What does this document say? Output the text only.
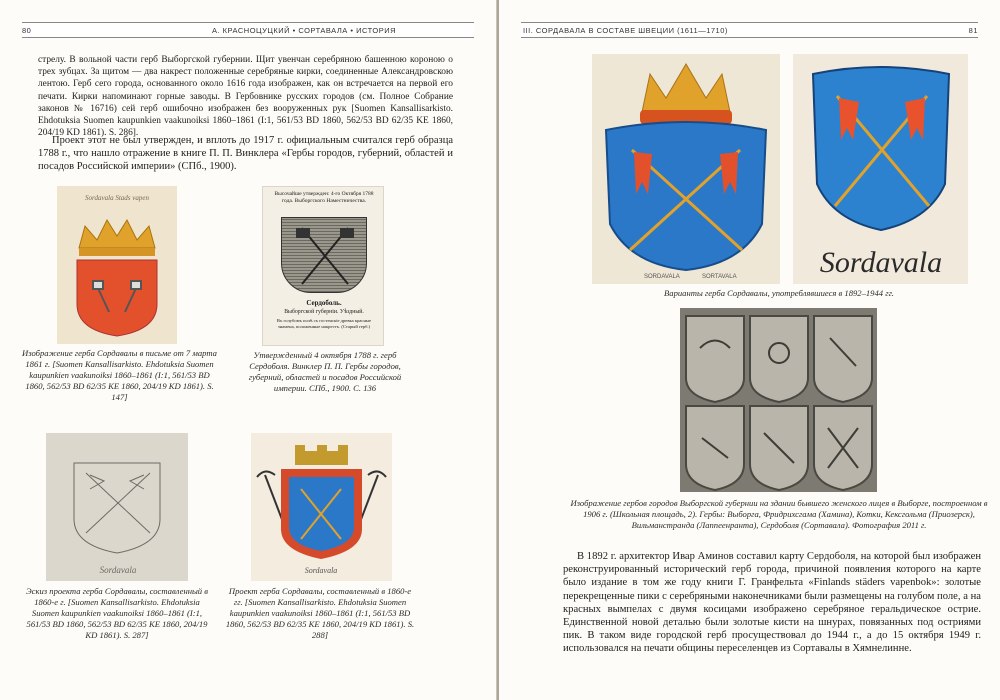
80	А. КРАСНОЦУЦКИЙ • СОРТАВАЛА • ИСТОРИЯ
стрелу. В вольной части герб Выборгской губернии. Щит увенчан серебряною башенною короною о трех зубцах. За щитом — два накрест положенные серебряные кирки, соединенные Александровскою лентою. Герб сего города, основанного около 1616 года изображен, как он встречается на первой его печати. Кирки напоминают горные заводы. В Гербовнике русских городов (см. Полное Собрание законов № 16716) сей герб ошибочно изображен без вооруженных рук [Suomen Kansallisarkisto. Ehdotuksia Suomen kaupunkien vaakunoiksi 1860–1861 (I:1, 561/53 BD 1860, 562/53 BD 62/35 KE 1860, 204/19 KD 1861). S. 286].
Проект этот не был утвержден, и вплоть до 1917 г. официальным считался герб образца 1788 г., что нашло отражение в книге П. П. Винклера «Гербы городов, губерний, областей и посадов Российской империи» (СПб., 1900).
Sordavala Stads vapen
Изображение герба Сордавалы в письме от 7 марта 1861 г. [Suomen Kansallisarkisto. Ehdotuksia Suomen kaupunkien vaakunoiksi 1860–1861 (I:1, 561/53 BD 1860, 562/53 BD 62/35 KE 1860, 204/19 KD 1861). S. 147]
Высочайше утвержден: 4-го Октября 1788 года. Выборгского Наместничества.
Сердоболь.
Выборгской губернiи. Уѣздный.
Въ голубомъ полѣ съ гостенскіе древка красные знамена, положенные накрестъ. (Старый герб.)
Утвержденный 4 октября 1788 г. герб Сердоболя. Винклер П. П. Гербы городов, губерний, областей и посадов Российской империи. СПб., 1900. С. 136
Sordavala
Эскиз проекта герба Сордавалы, составленный в 1860-е г. [Suomen Kansallisarkisto. Ehdotuksia Suomen kaupunkien vaakunoiksi 1860–1861 (I:1, 561/53 BD 1860, 562/53 BD 62/35 KE 1860, 204/19 KD 1861). S. 287]
Sordavala
Проект герба Сордавалы, составленный в 1860-е гг. [Suomen Kansallisarkisto. Ehdotuksia Suomen kaupunkien vaakunoiksi 1860–1861 (I:1, 561/53 BD 1860, 562/53 BD 62/35 KE 1860, 204/19 KD 1861). S. 288]
III. СОРДАВАЛА В СОСТАВЕ ШВЕЦИИ (1611—1710)	81
SORDAVALA	SORTAVALA	Sordavala
Варианты герба Сордавалы, употреблявшиеся в 1892–1944 гг.
Изображение гербов городов Выборгской губернии на здании бывшего женского лицея в Выборге, построенном в 1906 г. (Школьная площадь, 2). Гербы: Выборга, Фридрихсгама (Хамина), Котки, Кексгольма (Приозерск), Вильманстранда (Лаппеенранта), Сердоболя (Сортавала). Фотография 2011 г.
В 1892 г. архитектор Ивар Аминов составил карту Сердоболя, на которой был изображен реконструированный исторический герб города, причиной появления которого на карте было издание в том же году книги Г. Гранфельта «Finlands städers vapenbok»: золотые перекрещенные пики с серебряными наконечниками были размещены на голубом поле, а на красных вымпелах с двумя косицами изображено серебряное геральдическое острие. Единственной новой деталью были золотые кисти на шнурах, повязанных под остриями пик. В таком виде городской герб просуществовал до 1944 г., а до 15 октября 1949 г. использовался на печати общины переселенцев из Сортавалы в Хямнелинне.
